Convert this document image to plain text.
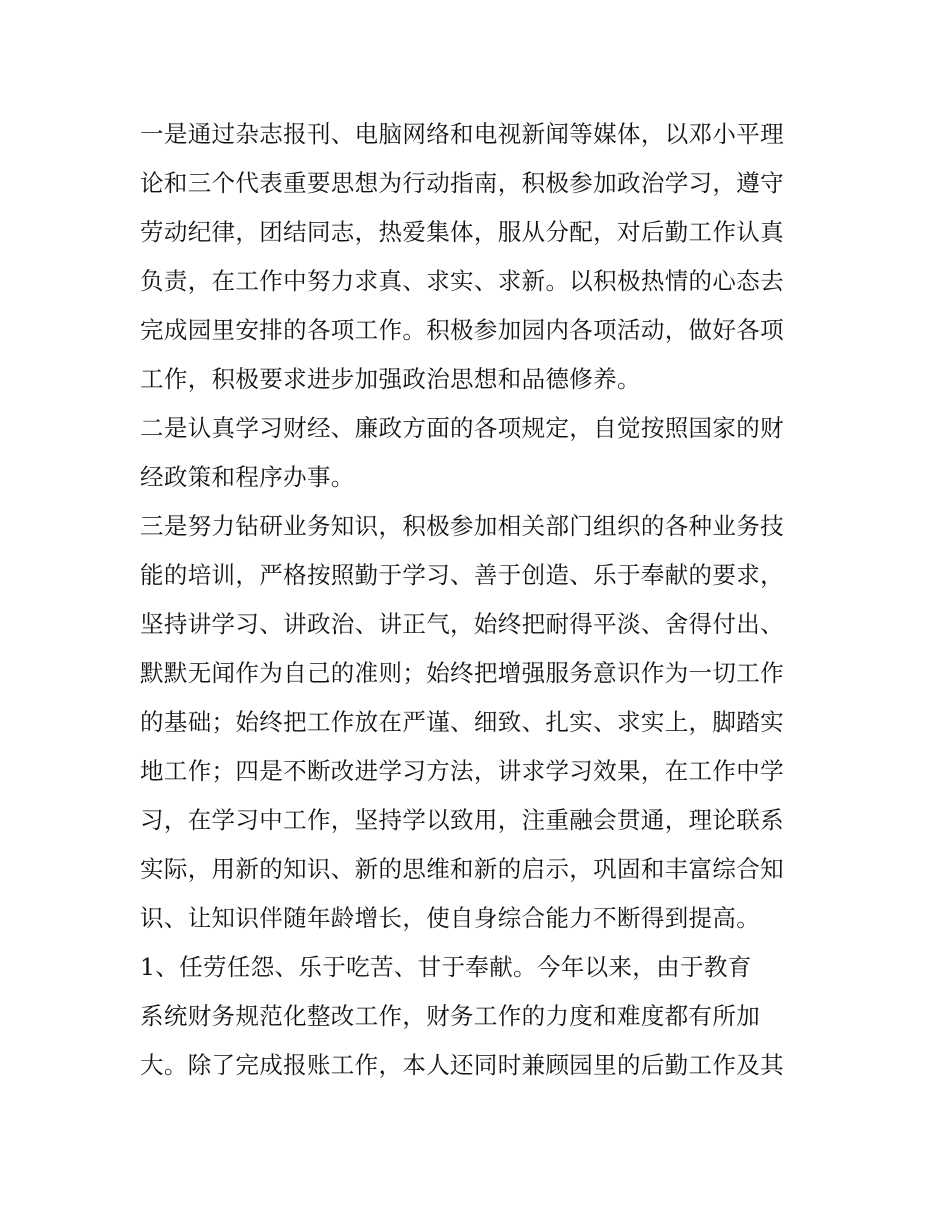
一是通过杂志报刊、电脑网络和电视新闻等媒体，以邓小平理
论和三个代表重要思想为行动指南，积极参加政治学习，遵守
劳动纪律，团结同志，热爱集体，服从分配，对后勤工作认真
负责，在工作中努力求真、求实、求新。以积极热情的心态去
完成园里安排的各项工作。积极参加园内各项活动，做好各项
工作，积极要求进步加强政治思想和品德修养。
二是认真学习财经、廉政方面的各项规定，自觉按照国家的财
经政策和程序办事。
三是努力钻研业务知识，积极参加相关部门组织的各种业务技
能的培训，严格按照勤于学习、善于创造、乐于奉献的要求，
坚持讲学习、讲政治、讲正气，始终把耐得平淡、舍得付出、
默默无闻作为自己的准则；始终把增强服务意识作为一切工作
的基础；始终把工作放在严谨、细致、扎实、求实上，脚踏实
地工作；四是不断改进学习方法，讲求学习效果，在工作中学
习，在学习中工作，坚持学以致用，注重融会贯通，理论联系
实际，用新的知识、新的思维和新的启示，巩固和丰富综合知
识、让知识伴随年龄增长，使自身综合能力不断得到提高。
1、任劳任怨、乐于吃苦、甘于奉献。今年以来，由于教育
系统财务规范化整改工作，财务工作的力度和难度都有所加
大。除了完成报账工作，本人还同时兼顾园里的后勤工作及其
